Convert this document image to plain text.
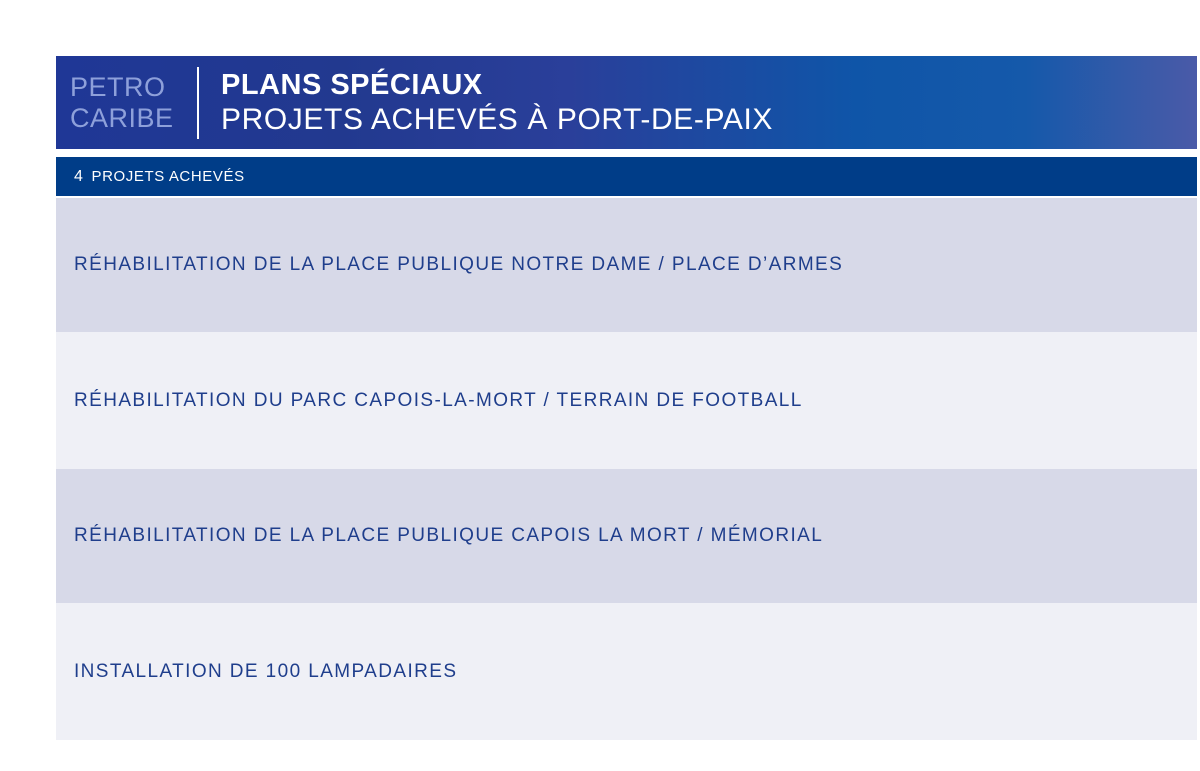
PETRO
CARIBE
PLANS SPÉCIAUX
PROJETS ACHEVÉS À PORT-DE-PAIX
4 PROJETS ACHEVÉS
RÉHABILITATION DE LA PLACE PUBLIQUE NOTRE DAME / PLACE D’ARMES
RÉHABILITATION DU PARC CAPOIS-LA-MORT / TERRAIN DE FOOTBALL
RÉHABILITATION DE LA PLACE PUBLIQUE CAPOIS LA MORT / MÉMORIAL
INSTALLATION DE 100 LAMPADAIRES
